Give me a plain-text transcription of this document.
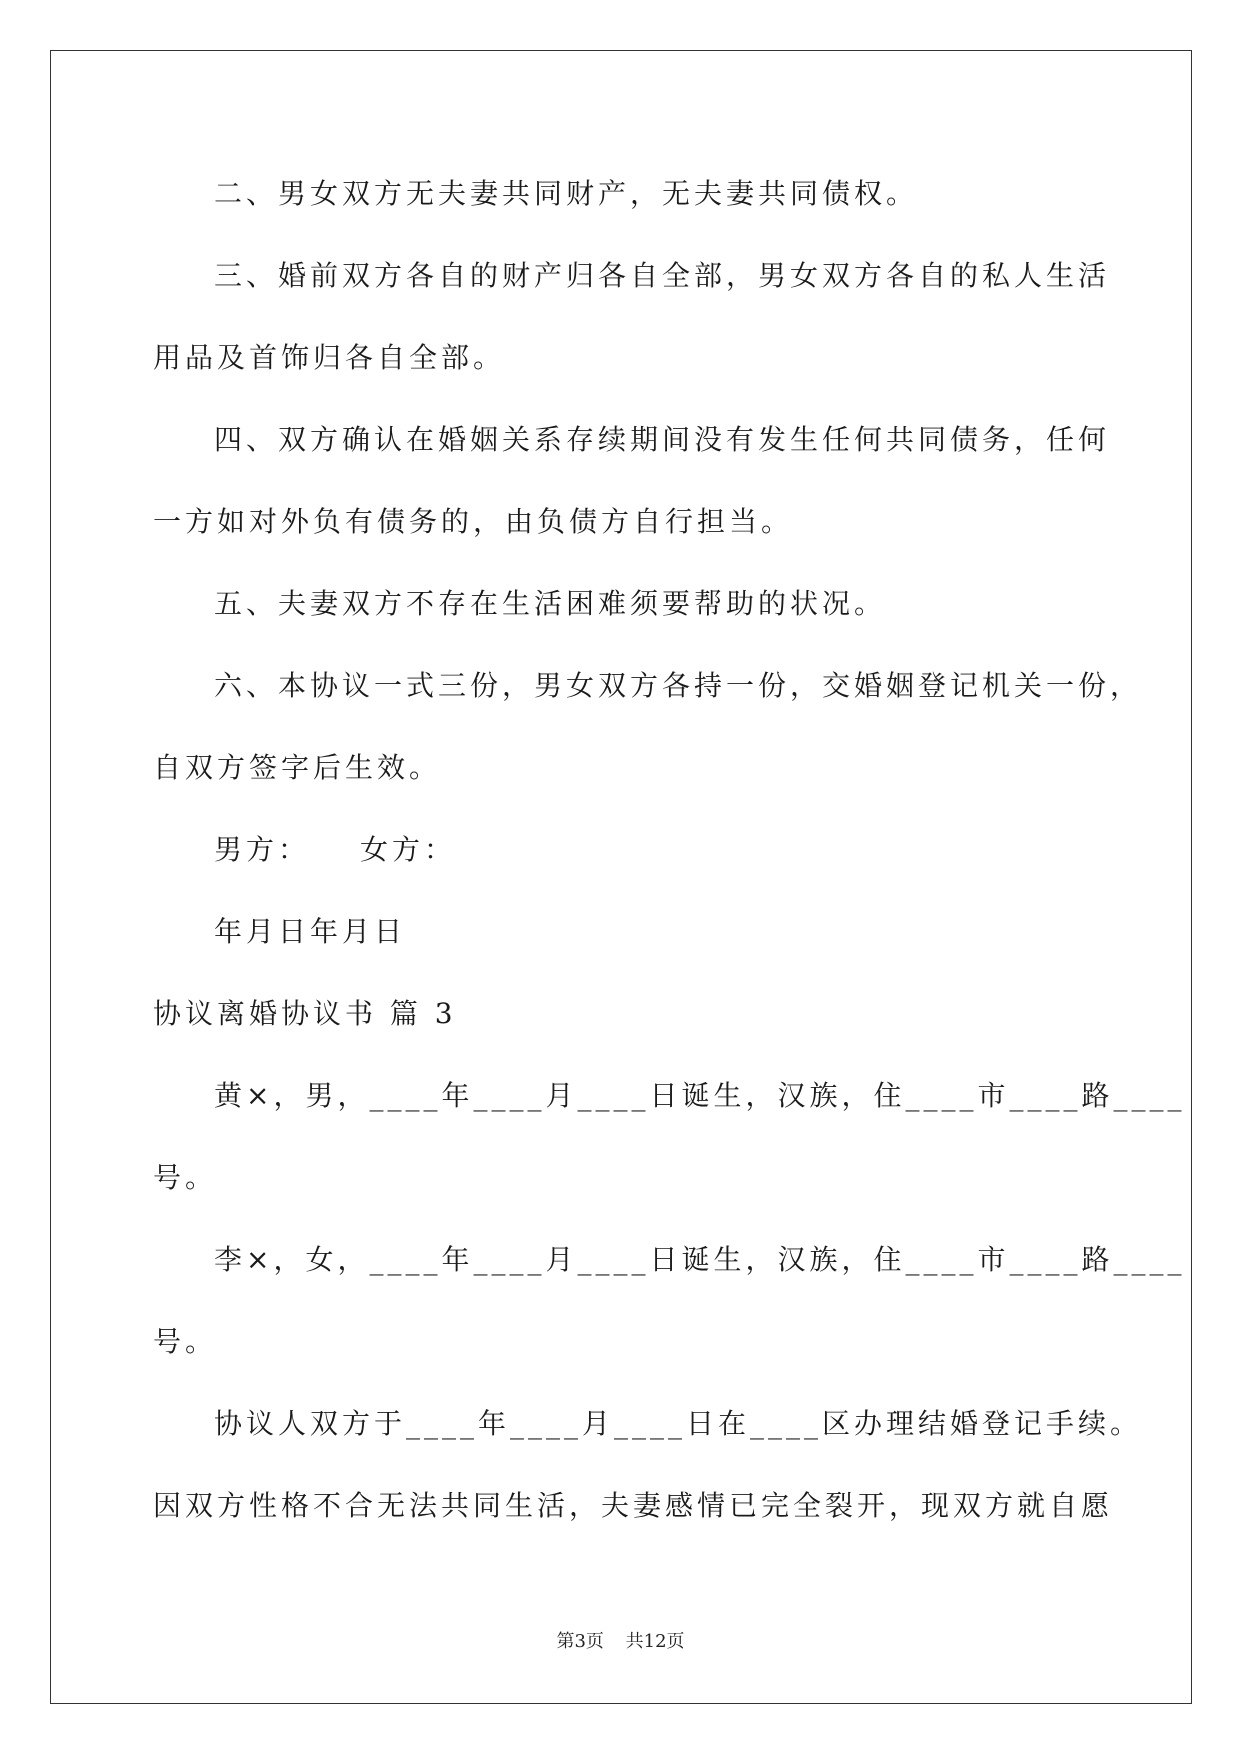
二、男女双方无夫妻共同财产，无夫妻共同债权。
三、婚前双方各自的财产归各自全部，男女双方各自的私人生活
用品及首饰归各自全部。
四、双方确认在婚姻关系存续期间没有发生任何共同债务，任何
一方如对外负有债务的，由负债方自行担当。
五、夫妻双方不存在生活困难须要帮助的状况。
六、本协议一式三份，男女双方各持一份，交婚姻登记机关一份，
自双方签字后生效。
男方：　　女方：
年月日年月日
协议离婚协议书 篇 3
黄×，男，____年____月____日诞生，汉族，住____市____路____
号。
李×，女，____年____月____日诞生，汉族，住____市____路____
号。
协议人双方于____年____月____日在____区办理结婚登记手续。
因双方性格不合无法共同生活，夫妻感情已完全裂开，现双方就自愿
第3页 共12页
